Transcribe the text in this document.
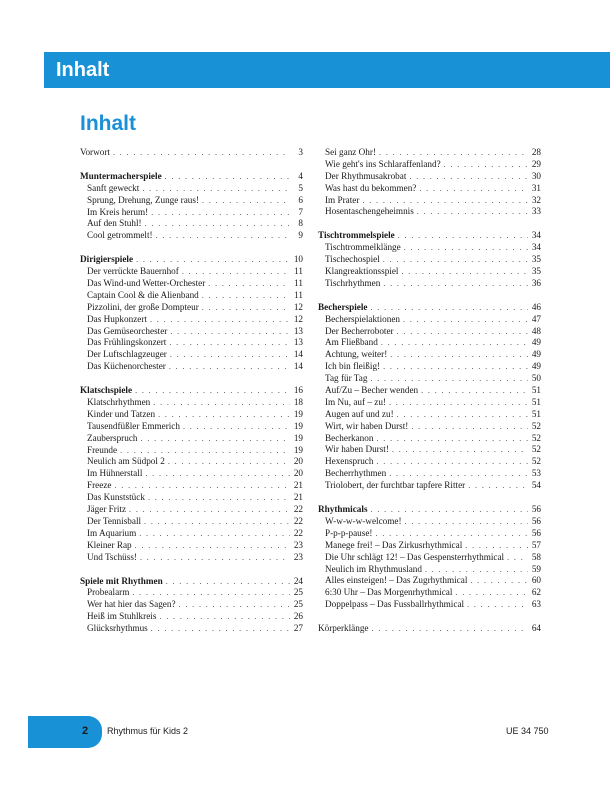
Inhalt
Inhalt
Vorwort . . .	3
Muntermacherspiele . . .	4
Sanft geweckt . . .	5
Sprung, Drehung, Zunge raus! . . .	6
Im Kreis herum! . . .	7
Auf den Stuhl! . . .	8
Cool getrommelt! . . .	9
Dirigierspiele . . .	10
Der verrückte Bauernhof . . .	11
Das Wind-und Wetter-Orchester . . .	11
Captain Cool & die Alienband . . .	11
Pizzolini, der große Dompteur . . .	12
Das Hupkonzert . . .	12
Das Gemüseorchester . . .	13
Das Frühlingskonzert . . .	13
Der Luftschlagzeuger . . .	14
Das Küchenorchester . . .	14
Klatschspiele . . .	16
Klatschrhythmen . . .	18
Kinder und Tatzen . . .	19
Tausendfüßler Emmerich . . .	19
Zauberspruch . . .	19
Freunde . . .	19
Neulich am Südpol 2 . . .	20
Im Hühnerstall . . .	20
Freeze . . .	21
Das Kunststück . . .	21
Jäger Fritz . . .	22
Der Tennisball . . .	22
Im Aquarium . . .	22
Kleiner Rap . . .	23
Und Tschüss! . . .	23
Spiele mit Rhythmen . . .	24
Probealarm . . .	25
Wer hat hier das Sagen? . . .	25
Heiß im Stuhlkreis . . .	26
Glücksrhythmus . . .	27
Sei ganz Ohr! . . .	28
Wie geht's ins Schlaraffenland? . . .	29
Der Rhythmusakrobat . . .	30
Was hast du bekommen? . . .	31
Im Prater . . .	32
Hosentaschengeheimnis . . .	33
Tischtrommelspiele . . .	34
Tischtrommelklänge . . .	34
Tischechospiel . . .	35
Klangreaktionsspiel . . .	35
Tischrhythmen . . .	36
Becherspiele . . .	46
Becherspielaktionen . . .	47
Der Becherroboter . . .	48
Am Fließband . . .	49
Achtung, weiter! . . .	49
Ich bin fleißig! . . .	49
Tag für Tag . . .	50
Auf/Zu – Becher wenden . . .	51
Im Nu, auf – zu! . . .	51
Augen auf und zu! . . .	51
Wirt, wir haben Durst! . . .	52
Becherkanon . . .	52
Wir haben Durst! . . .	52
Hexenspruch . . .	52
Becherrhythmen . . .	53
Triolobert, der furchtbar tapfere Ritter . . .	54
Rhythmicals . . .	56
W-w-w-w-welcome! . . .	56
P-p-p-pause! . . .	56
Manege frei! – Das Zirkusrhythmical . . .	57
Die Uhr schlägt 12! – Das Gespensterrhythmical . . .	58
Neulich im Rhythmusland . . .	59
Alles einsteigen! – Das Zugrhythmical . . .	60
6:30 Uhr – Das Morgenrhythmical . . .	62
Doppelpass – Das Fussballrhythmical . . .	63
Körperklänge . . .	64
2 Rhythmus für Kids 2	UE 34 750
